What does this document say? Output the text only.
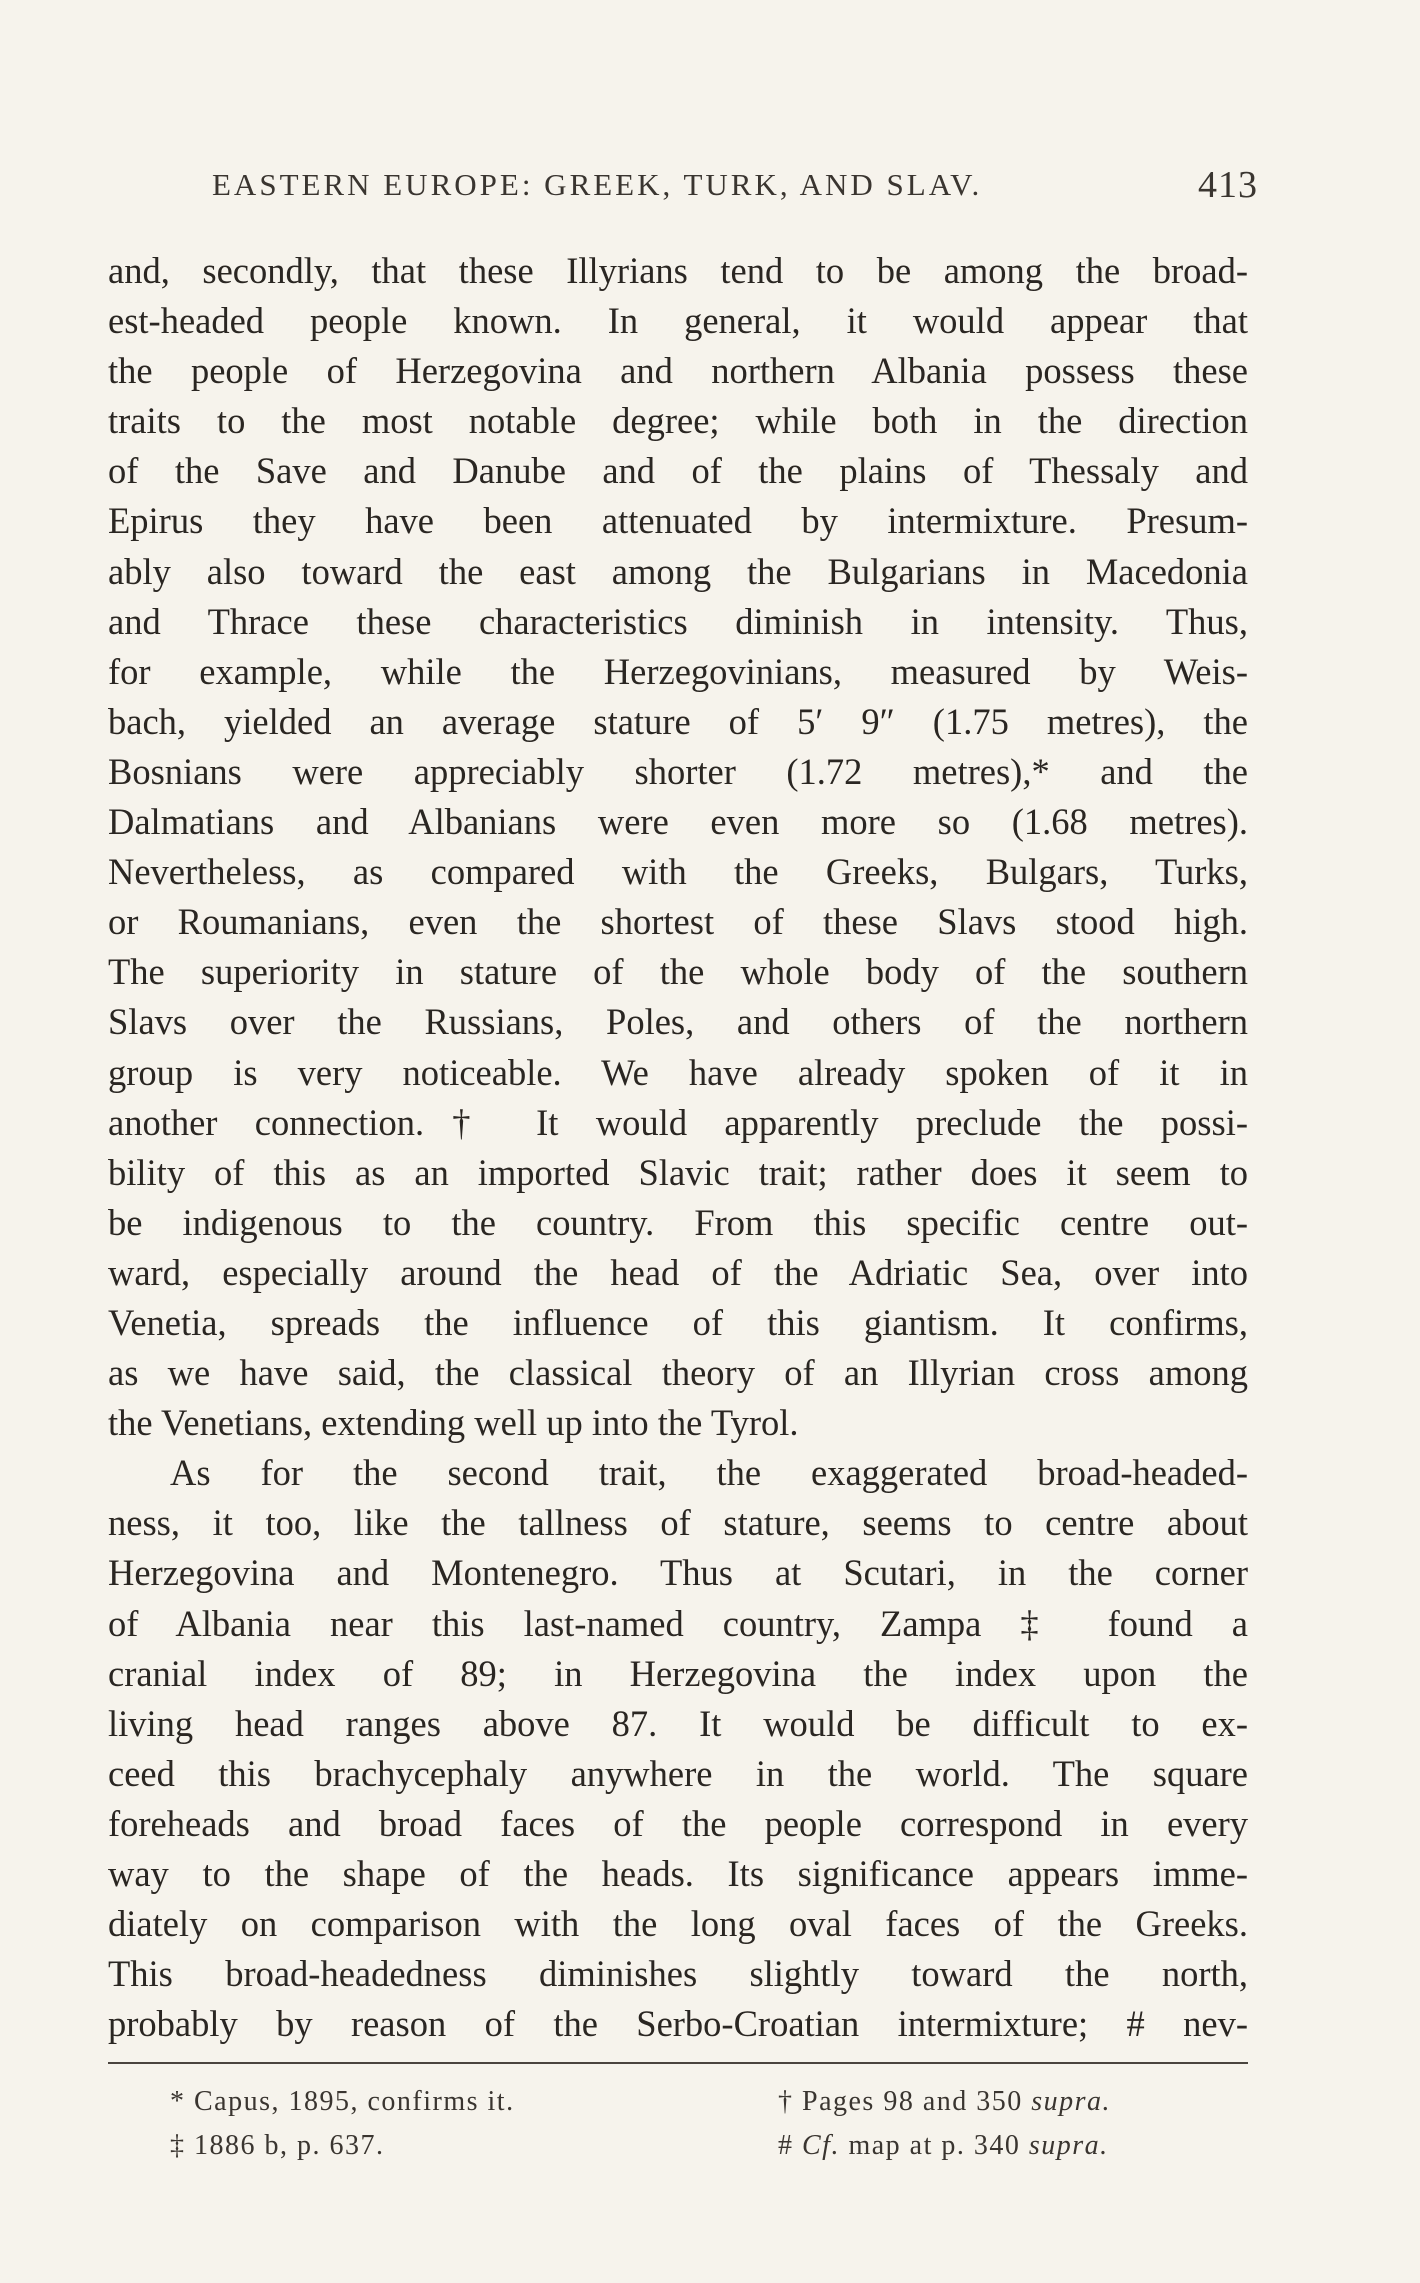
EASTERN EUROPE: GREEK, TURK, AND SLAV.	413
and, secondly, that these Illyrians tend to be among the broad-
est-headed people known. In general, it would appear that
the people of Herzegovina and northern Albania possess these
traits to the most notable degree; while both in the direction
of the Save and Danube and of the plains of Thessaly and
Epirus they have been attenuated by intermixture. Presum-
ably also toward the east among the Bulgarians in Macedonia
and Thrace these characteristics diminish in intensity. Thus,
for example, while the Herzegovinians, measured by Weis-
bach, yielded an average stature of 5′ 9″ (1.75 metres), the
Bosnians were appreciably shorter (1.72 metres),* and the
Dalmatians and Albanians were even more so (1.68 metres).
Nevertheless, as compared with the Greeks, Bulgars, Turks,
or Roumanians, even the shortest of these Slavs stood high.
The superiority in stature of the whole body of the southern
Slavs over the Russians, Poles, and others of the northern
group is very noticeable. We have already spoken of it in
another connection.† It would apparently preclude the possi-
bility of this as an imported Slavic trait; rather does it seem to
be indigenous to the country. From this specific centre out-
ward, especially around the head of the Adriatic Sea, over into
Venetia, spreads the influence of this giantism. It confirms,
as we have said, the classical theory of an Illyrian cross among
the Venetians, extending well up into the Tyrol.
As for the second trait, the exaggerated broad-headed-
ness, it too, like the tallness of stature, seems to centre about
Herzegovina and Montenegro. Thus at Scutari, in the corner
of Albania near this last-named country, Zampa ‡ found a
cranial index of 89; in Herzegovina the index upon the
living head ranges above 87. It would be difficult to ex-
ceed this brachycephaly anywhere in the world. The square
foreheads and broad faces of the people correspond in every
way to the shape of the heads. Its significance appears imme-
diately on comparison with the long oval faces of the Greeks.
This broad-headedness diminishes slightly toward the north,
probably by reason of the Serbo-Croatian intermixture; # nev-
* Capus, 1895, confirms it.	† Pages 98 and 350 supra.
‡ 1886 b, p. 637.	# Cf. map at p. 340 supra.
